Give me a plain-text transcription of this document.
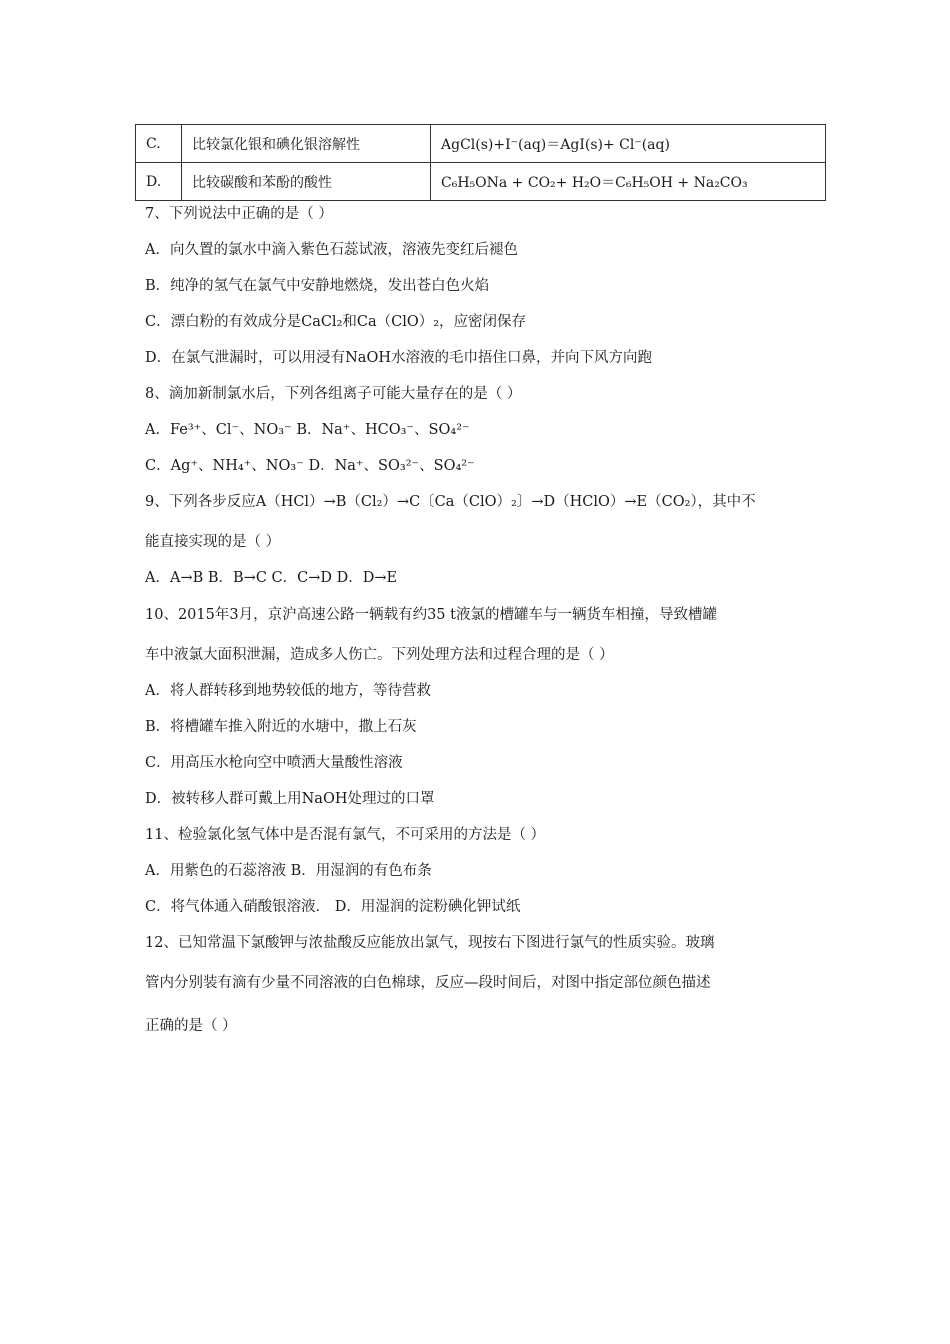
C.	比较氯化银和碘化银溶解性	AgCl(s)+I⁻(aq)＝AgI(s)+ Cl⁻(aq)
D.	比较碳酸和苯酚的酸性	C₆H₅ONa + CO₂+ H₂O＝C₆H₅OH + Na₂CO₃
7、下列说法中正确的是（ ）
A．向久置的氯水中滴入紫色石蕊试液，溶液先变红后褪色
B．纯净的氢气在氯气中安静地燃烧，发出苍白色火焰
C．漂白粉的有效成分是CaCl₂和Ca（ClO）₂，应密闭保存
D．在氯气泄漏时，可以用浸有NaOH水溶液的毛巾捂住口鼻，并向下风方向跑
8、滴加新制氯水后，下列各组离子可能大量存在的是（ ）
A．Fe³⁺、Cl⁻、NO₃⁻ B．Na⁺、HCO₃⁻、SO₄²⁻
C．Ag⁺、NH₄⁺、NO₃⁻ D．Na⁺、SO₃²⁻、SO₄²⁻
9、下列各步反应A（HCl）→B（Cl₂）→C〔Ca（ClO）₂〕→D（HClO）→E（CO₂），其中不
能直接实现的是（ ）
A．A→B B．B→C C．C→D D．D→E
10、2015年3月，京沪高速公路一辆载有约35 t液氯的槽罐车与一辆货车相撞，导致槽罐
车中液氯大面积泄漏，造成多人伤亡。下列处理方法和过程合理的是（ ）
A．将人群转移到地势较低的地方，等待营救
B．将槽罐车推入附近的水塘中，撒上石灰
C．用高压水枪向空中喷洒大量酸性溶液
D．被转移人群可戴上用NaOH处理过的口罩
11、检验氯化氢气体中是否混有氯气，不可采用的方法是（ ）
A．用紫色的石蕊溶液 B．用湿润的有色布条
C．将气体通入硝酸银溶液． D．用湿润的淀粉碘化钾试纸
12、已知常温下氯酸钾与浓盐酸反应能放出氯气，现按右下图进行氯气的性质实验。玻璃
管内分别装有滴有少量不同溶液的白色棉球，反应—段时间后，对图中指定部位颜色描述
正确的是（ ）
